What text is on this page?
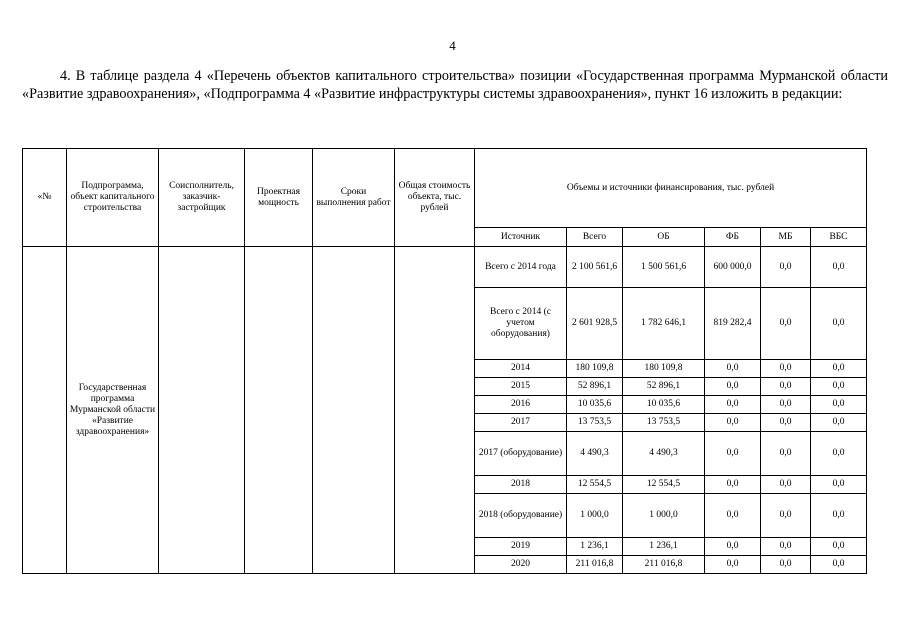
4
4. В таблице раздела 4 «Перечень объектов капитального строительства» позиции «Государственная программа Мурманской области «Развитие здравоохранения», «Подпрограмма 4 «Развитие инфраструктуры системы здравоохранения», пункт 16 изложить в редакции:
«№	Подпрограмма, объект капитального строительства	Соисполнитель, заказчик-застройщик	Проектная мощность	Сроки выполнения работ	Общая стоимость объекта, тыс. рублей	Объемы и источники финансирования, тыс. рублей					
						Источник	Всего	ОБ	ФБ	МБ	ВБС
	Государственная программа Мурманской области «Развитие здравоохранения»					Всего с 2014 года	2 100 561,6	1 500 561,6	600 000,0	0,0	0,0
						Всего с 2014 (с учетом оборудования)	2 601 928,5	1 782 646,1	819 282,4	0,0	0,0
						2014	180 109,8	180 109,8	0,0	0,0	0,0
						2015	52 896,1	52 896,1	0,0	0,0	0,0
						2016	10 035,6	10 035,6	0,0	0,0	0,0
						2017	13 753,5	13 753,5	0,0	0,0	0,0
						2017 (оборудование)	4 490,3	4 490,3	0,0	0,0	0,0
						2018	12 554,5	12 554,5	0,0	0,0	0,0
						2018 (оборудование)	1 000,0	1 000,0	0,0	0,0	0,0
						2019	1 236,1	1 236,1	0,0	0,0	0,0
						2020	211 016,8	211 016,8	0,0	0,0	0,0
